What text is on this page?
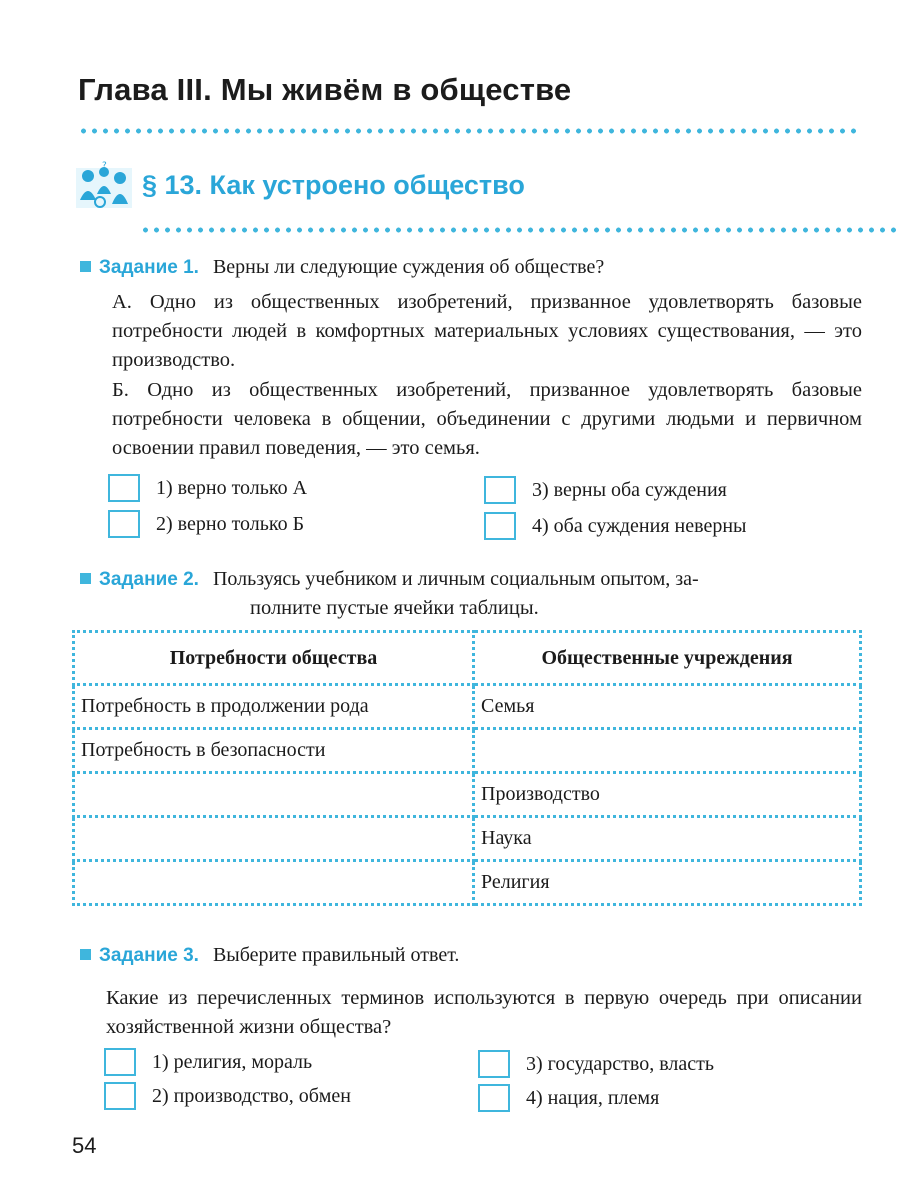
Глава III. Мы живём в обществе
?
§ 13. Как устроено общество
Задание 1. Верны ли следующие суждения об обществе?
А. Одно из общественных изобретений, призванное удовлетворять базовые потребности людей в комфортных материальных условиях существования, — это производство.
Б. Одно из общественных изобретений, призванное удовлетворять базовые потребности человека в общении, объединении с другими людьми и первичном освоении правил поведения, — это семья.
1) верно только А
2) верно только Б
3) верны оба суждения
4) оба суждения неверны
Задание 2. Пользуясь учебником и личным социальным опытом, за-
полните пустые ячейки таблицы.
Потребности общества	Общественные учреждения
Потребность в продолжении рода	Семья
Потребность в безопасности	
	Производство
	Наука
	Религия
Задание 3. Выберите правильный ответ.
Какие из перечисленных терминов используются в первую очередь при описании хозяйственной жизни общества?
1) религия, мораль
2) производство, обмен
3) государство, власть
4) нация, племя
54
